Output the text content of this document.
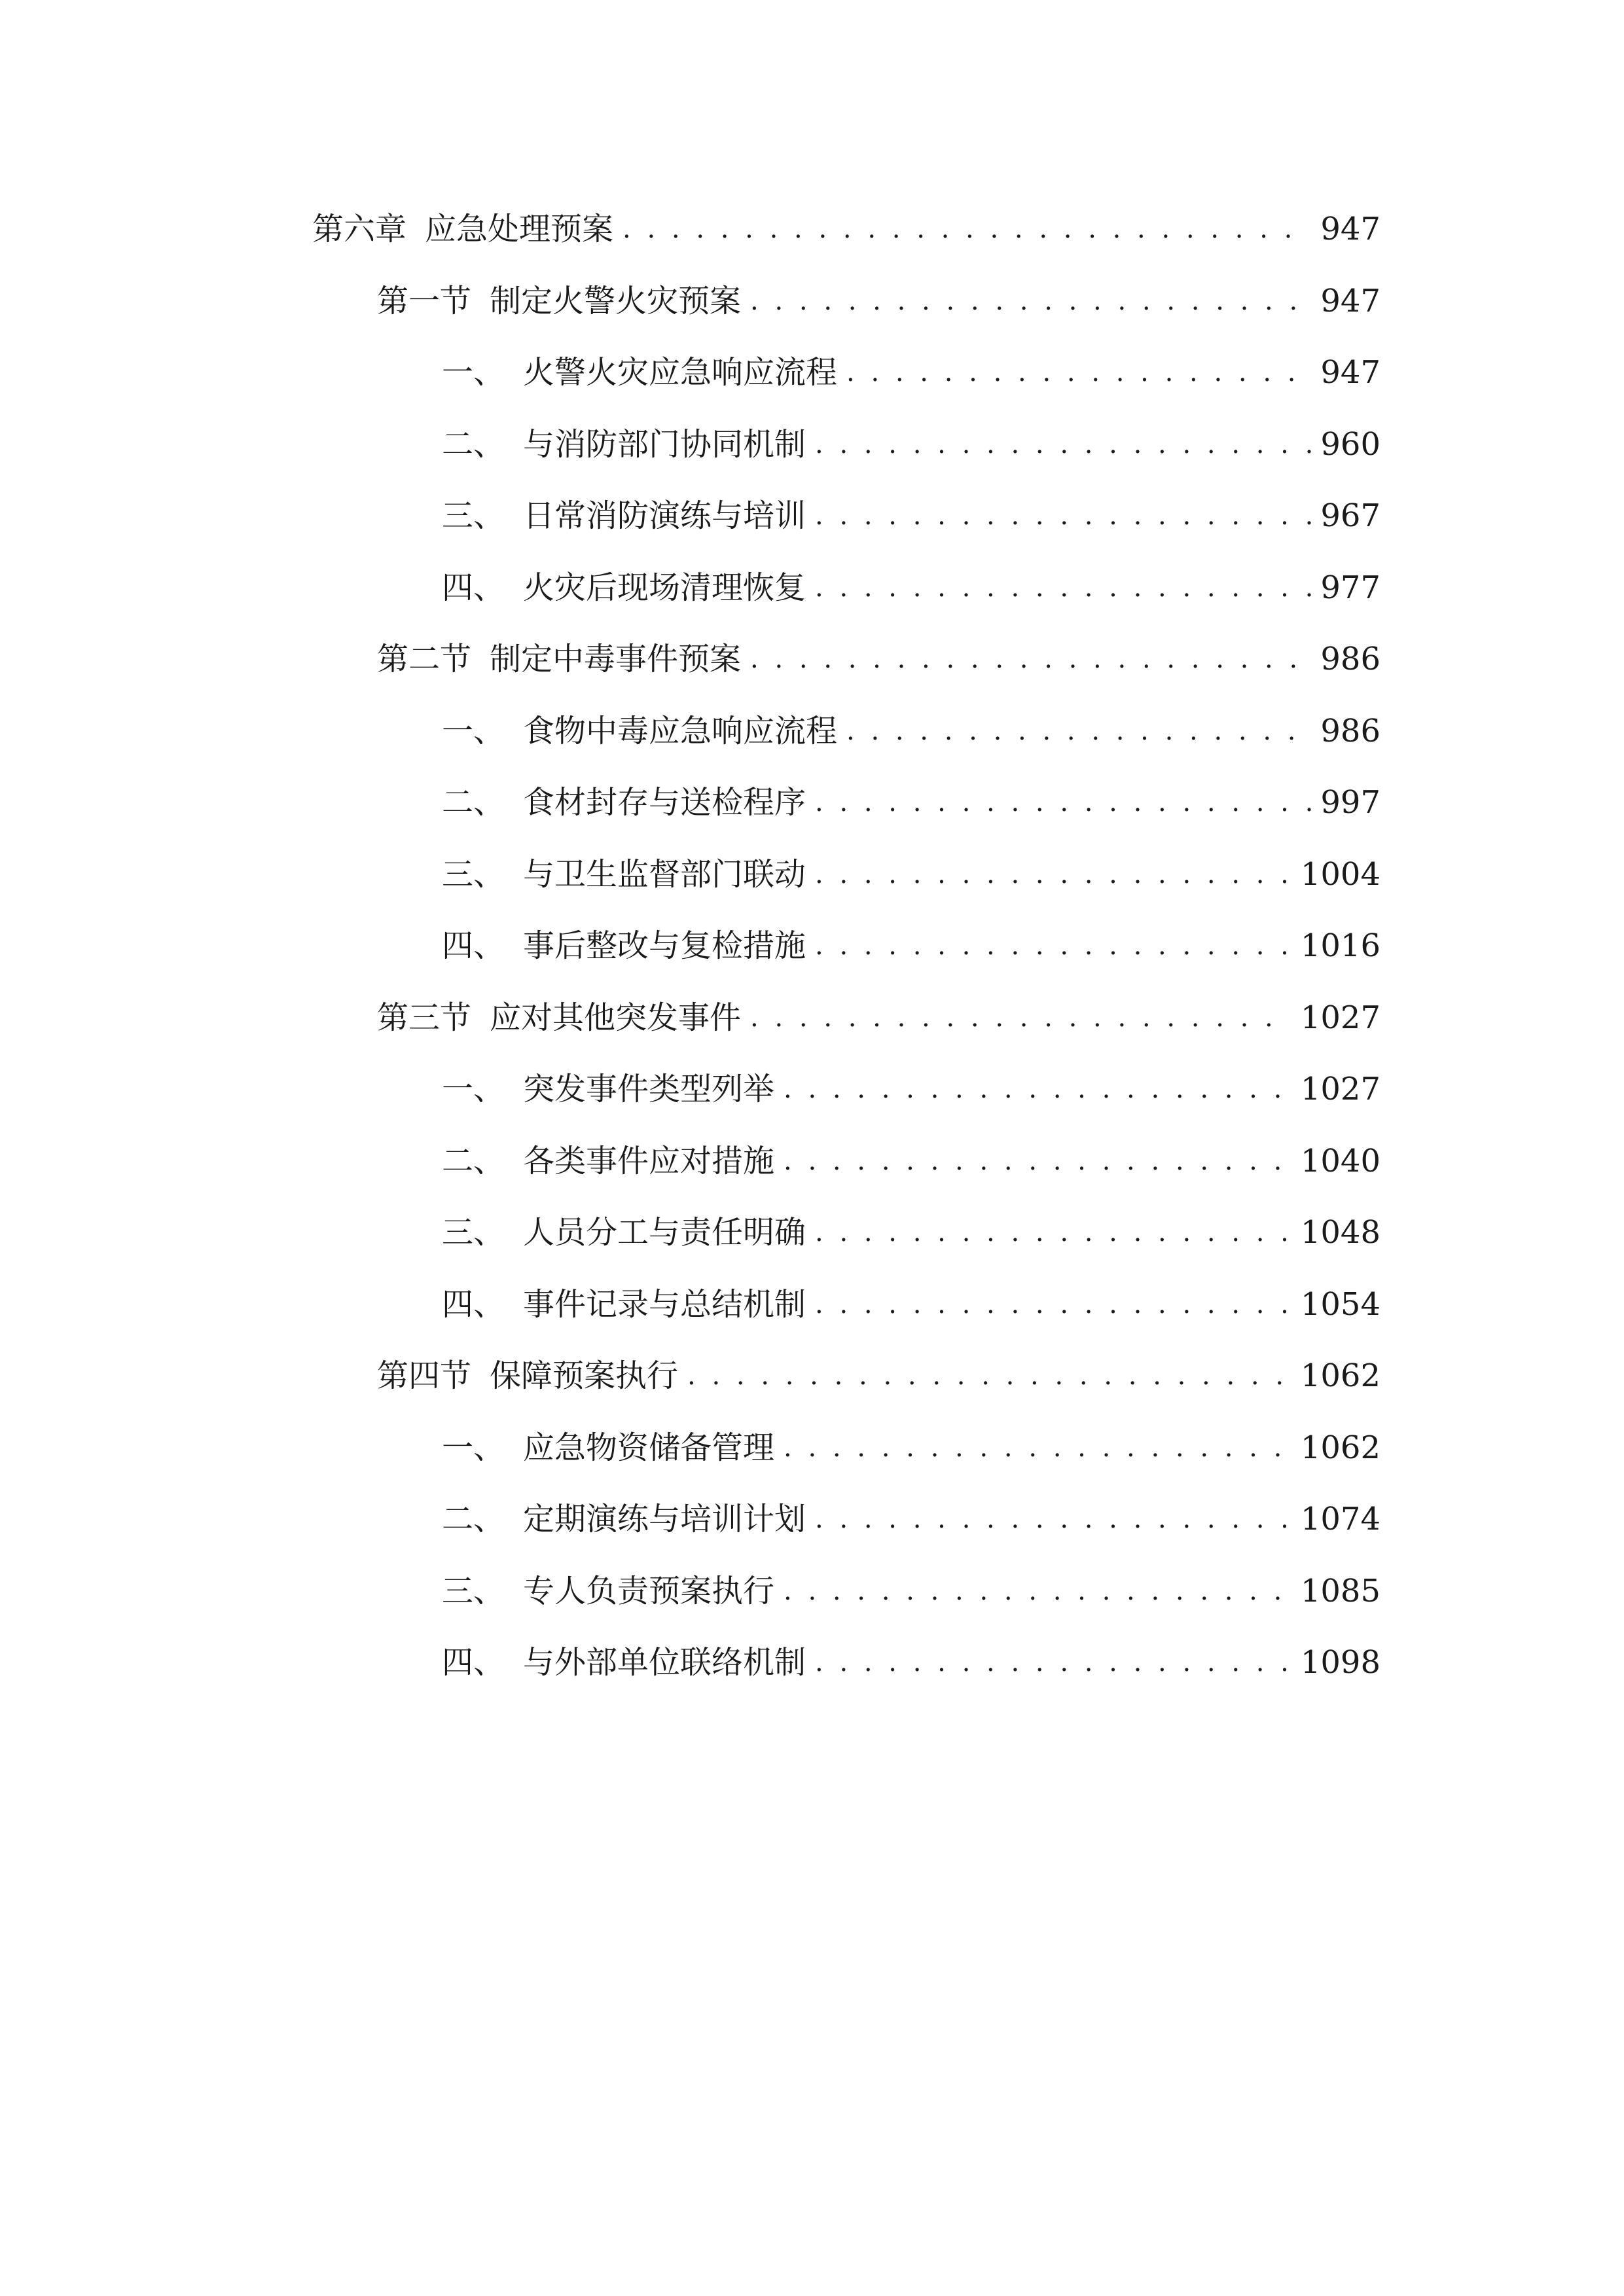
第六章 应急处理预案 . . .	947
第一节 制定火警火灾预案 . . .	947
一、 火警火灾应急响应流程 . . .	947
二、 与消防部门协同机制 . . .	960
三、 日常消防演练与培训 . . .	967
四、 火灾后现场清理恢复 . . .	977
第二节 制定中毒事件预案 . . .	986
一、 食物中毒应急响应流程 . . .	986
二、 食材封存与送检程序 . . .	997
三、 与卫生监督部门联动 . . .	1004
四、 事后整改与复检措施 . . .	1016
第三节 应对其他突发事件 . . .	1027
一、 突发事件类型列举 . . .	1027
二、 各类事件应对措施 . . .	1040
三、 人员分工与责任明确 . . .	1048
四、 事件记录与总结机制 . . .	1054
第四节 保障预案执行 . . .	1062
一、 应急物资储备管理 . . .	1062
二、 定期演练与培训计划 . . .	1074
三、 专人负责预案执行 . . .	1085
四、 与外部单位联络机制 . . .	1098
